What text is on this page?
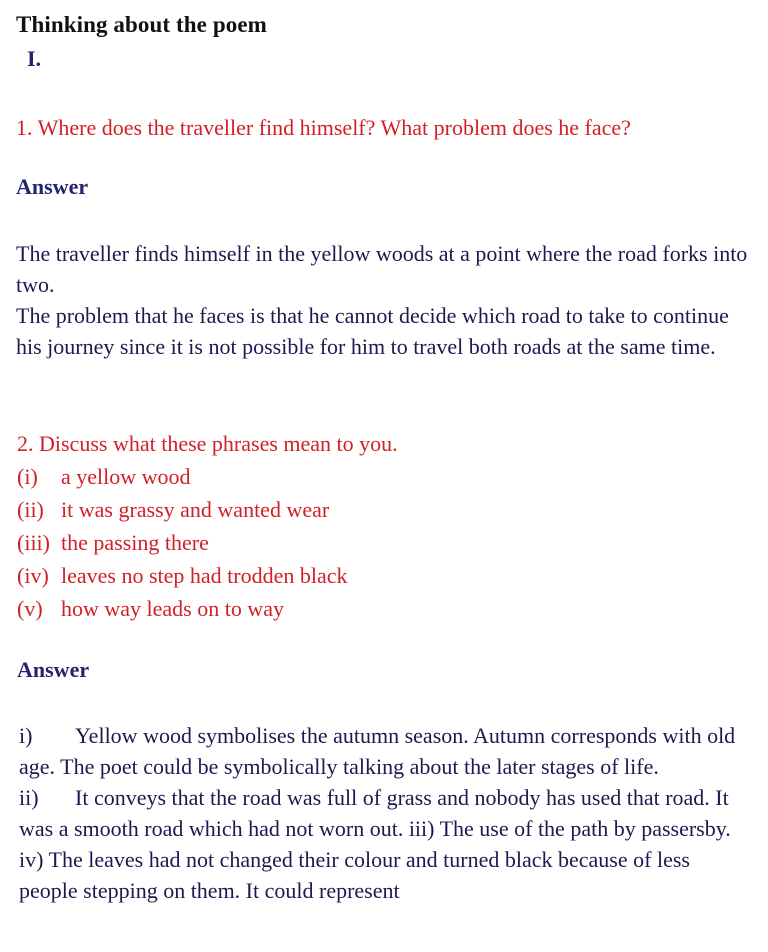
Thinking about the poem
I.
1. Where does the traveller find himself? What problem does he face?
Answer

The traveller finds himself in the yellow woods at a point where the road forks into two.

The problem that he faces is that he cannot decide which road to take to continue his journey since it is not possible for him to travel both roads at the same time.

2. Discuss what these phrases mean to you.
(i) a yellow wood
(ii) it was grassy and wanted wear
(iii) the passing there
(iv) leaves no step had trodden black
(v) how way leads on to way
Answer

i) Yellow wood symbolises the autumn season. Autumn corresponds with old age. The poet could be symbolically talking about the later stages of life.

ii) It conveys that the road was full of grass and nobody has used that road. It was a smooth road which had not worn out. iii) The use of the path by passersby. iv) The leaves had not changed their colour and turned black because of less people stepping on them. It could represent
